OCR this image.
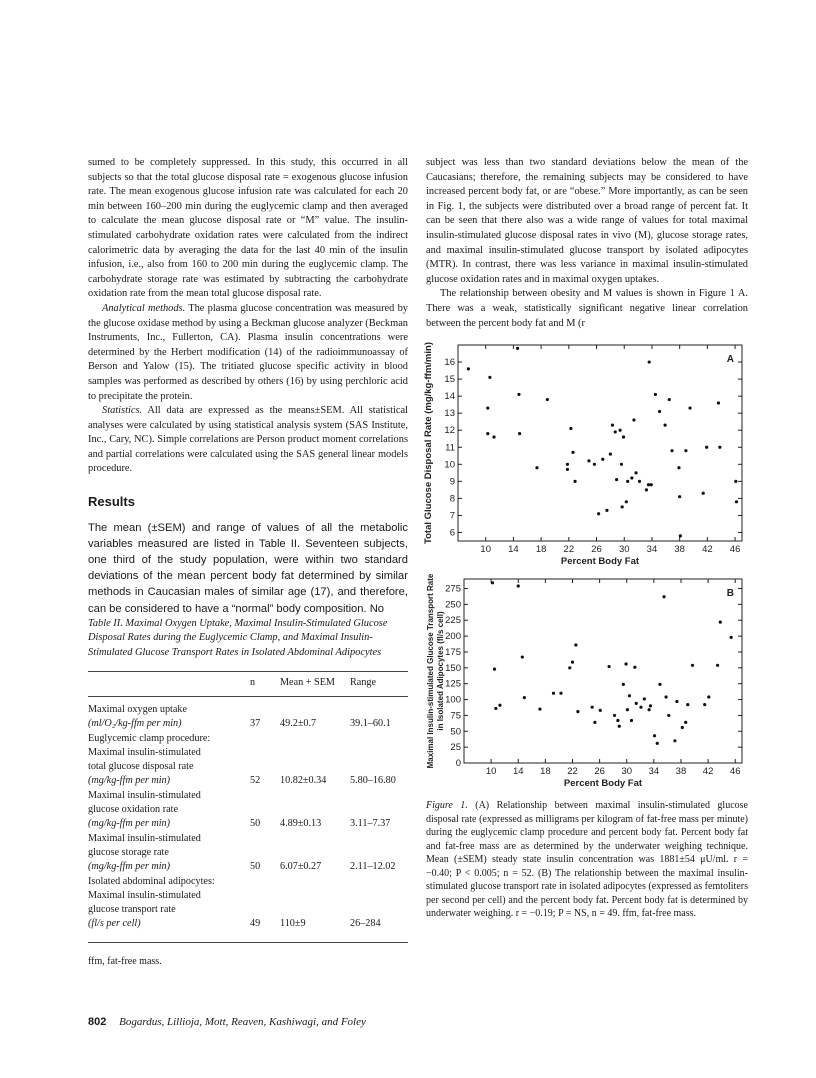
sumed to be completely suppressed. In this study, this occurred in all subjects so that the total glucose disposal rate = exogenous glucose infusion rate. The mean exogenous glucose infusion rate was calculated for each 20 min between 160–200 min during the euglycemic clamp and then averaged to calculate the mean glucose disposal rate or “M” value. The insulin-stimulated carbohydrate oxidation rates were calculated from the indirect calorimetric data by averaging the data for the last 40 min of the insulin infusion, i.e., also from 160 to 200 min during the euglycemic clamp. The carbohydrate storage rate was estimated by subtracting the carbohydrate oxidation rate from the mean total glucose disposal rate.

Analytical methods. The plasma glucose concentration was measured by the glucose oxidase method by using a Beckman glucose analyzer (Beckman Instruments, Inc., Fullerton, CA). Plasma insulin concentrations were determined by the Herbert modification (14) of the radioimmunoassay of Berson and Yalow (15). The tritiated glucose specific activity in blood samples was performed as described by others (16) by using perchloric acid to precipitate the protein.

Statistics. All data are expressed as the means±SEM. All statistical analyses were calculated by using statistical analysis system (SAS Institute, Inc., Cary, NC). Simple correlations are Person product moment correlations and partial correlations were calculated using the SAS general linear models procedure.

Results

The mean (±SEM) and range of values of all the metabolic variables measured are listed in Table II. Seventeen subjects, one third of the study population, were within two standard deviations of the mean percent body fat determined by similar methods in Caucasian males of similar age (17), and therefore, can be considered to have a “normal” body composition. No

Table II. Maximal Oxygen Uptake, Maximal Insulin-Stimulated Glucose Disposal Rates during the Euglycemic Clamp, and Maximal Insulin-Stimulated Glucose Transport Rates in Isolated Abdominal Adipocytes

	n	Mean + SEM	Range
Maximal oxygen uptake			
(ml/O₂/kg-ffm per min)	37	49.2±0.7	39.1–60.1
Euglycemic clamp procedure:			
Maximal insulin-stimulated			
total glucose disposal rate			
(mg/kg-ffm per min)	52	10.82±0.34	5.80–16.80
Maximal insulin-stimulated			
glucose oxidation rate			
(mg/kg-ffm per min)	50	4.89±0.13	3.11–7.37
Maximal insulin-stimulated			
glucose storage rate			
(mg/kg-ffm per min)	50	6.07±0.27	2.11–12.02
Isolated abdominal adipocytes:			
Maximal insulin-stimulated			
glucose transport rate			
(fl/s per cell)	49	110±9	26–284
ffm, fat-free mass.

subject was less than two standard deviations below the mean of the Caucasians; therefore, the remaining subjects may be considered to have increased percent body fat, or are “obese.” More importantly, as can be seen in Fig. 1, the subjects were distributed over a broad range of percent fat. It can be seen that there also was a wide range of values for total maximal insulin-stimulated glucose disposal rates in vivo (M), glucose storage rates, and maximal insulin-stimulated glucose transport by isolated adipocytes (MTR). In contrast, there was less variance in maximal insulin-stimulated glucose oxidation rates and in maximal oxygen uptakes.

The relationship between obesity and M values is shown in Figure 1 A. There was a weak, statistically significant negative linear correlation between the percent body fat and M (r

10 14 18 22 26 30 34 38 42 46
6
7
8
9
10
11
12
13
14
15
16
Percent Body Fat
Total Glucose Disposal Rate (mg/kg-ffm/min)	A
10 14 18 22 26 30 34 38 42 46
0
25
50
75
100
125
150
175
200
225
250
275
Percent Body Fat
Maximal Insulin-stimulated Glucose Transport Ratein Isolated Adipocytes (fl/s cell)
B

Figure 1. (A) Relationship between maximal insulin-stimulated glucose disposal rate (expressed as milligrams per kilogram of fat-free mass per minute) during the euglycemic clamp procedure and percent body fat. Percent body fat and fat-free mass are as determined by the underwater weighing technique. Mean (±SEM) steady state insulin concentration was 1881±54 μU/ml. r = −0.40; P < 0.005; n = 52. (B) The relationship between the maximal insulin-stimulated glucose transport rate in isolated adipocytes (expressed as femtoliters per second per cell) and the percent body fat. Percent body fat is determined by underwater weighing. r = −0.19; P = NS, n = 49. ffm, fat-free mass.

802 Bogardus, Lillioja, Mott, Reaven, Kashiwagi, and Foley
